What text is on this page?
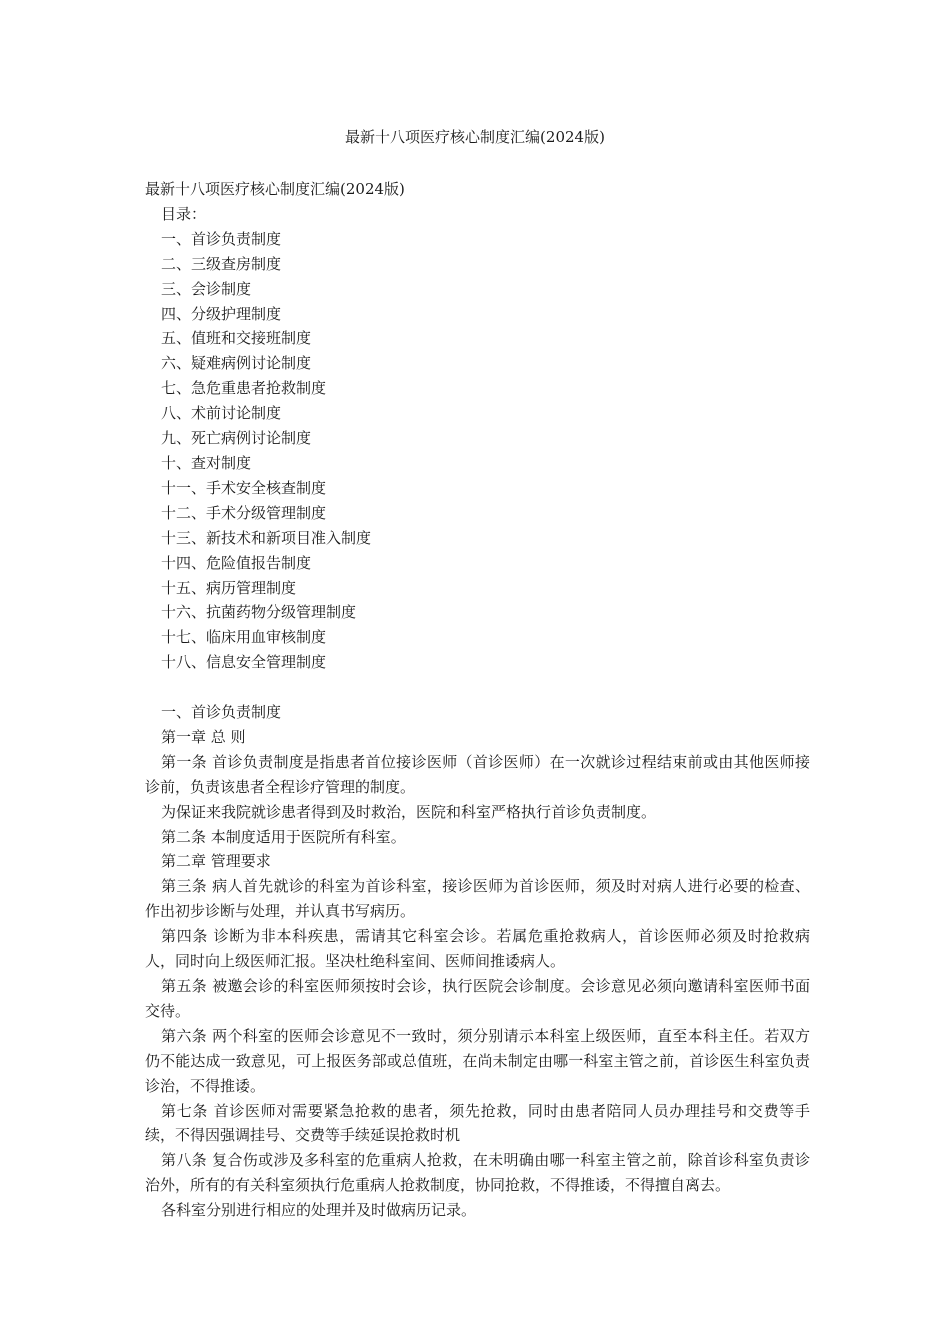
最新十八项医疗核心制度汇编(2024版)
最新十八项医疗核心制度汇编(2024版)
目录：
一、首诊负责制度
二、三级查房制度
三、会诊制度
四、分级护理制度
五、值班和交接班制度
六、疑难病例讨论制度
七、急危重患者抢救制度
八、术前讨论制度
九、死亡病例讨论制度
十、查对制度
十一、手术安全核查制度
十二、手术分级管理制度
十三、新技术和新项目准入制度
十四、危险值报告制度
十五、病历管理制度
十六、抗菌药物分级管理制度
十七、临床用血审核制度
十八、信息安全管理制度
一、首诊负责制度
第一章 总 则
第一条 首诊负责制度是指患者首位接诊医师（首诊医师）在一次就诊过程结束前或由其他医师接诊前，负责该患者全程诊疗管理的制度。
为保证来我院就诊患者得到及时救治，医院和科室严格执行首诊负责制度。
第二条 本制度适用于医院所有科室。
第二章 管理要求
第三条 病人首先就诊的科室为首诊科室，接诊医师为首诊医师，须及时对病人进行必要的检查、作出初步诊断与处理，并认真书写病历。
第四条 诊断为非本科疾患，需请其它科室会诊。若属危重抢救病人，首诊医师必须及时抢救病人，同时向上级医师汇报。坚决杜绝科室间、医师间推诿病人。
第五条 被邀会诊的科室医师须按时会诊，执行医院会诊制度。会诊意见必须向邀请科室医师书面交待。
第六条 两个科室的医师会诊意见不一致时，须分别请示本科室上级医师，直至本科主任。若双方仍不能达成一致意见，可上报医务部或总值班，在尚未制定由哪一科室主管之前，首诊医生科室负责诊治，不得推诿。
第七条 首诊医师对需要紧急抢救的患者，须先抢救，同时由患者陪同人员办理挂号和交费等手续，不得因强调挂号、交费等手续延误抢救时机
第八条 复合伤或涉及多科室的危重病人抢救，在未明确由哪一科室主管之前，除首诊科室负责诊治外，所有的有关科室须执行危重病人抢救制度，协同抢救，不得推诿，不得擅自离去。
各科室分别进行相应的处理并及时做病历记录。
